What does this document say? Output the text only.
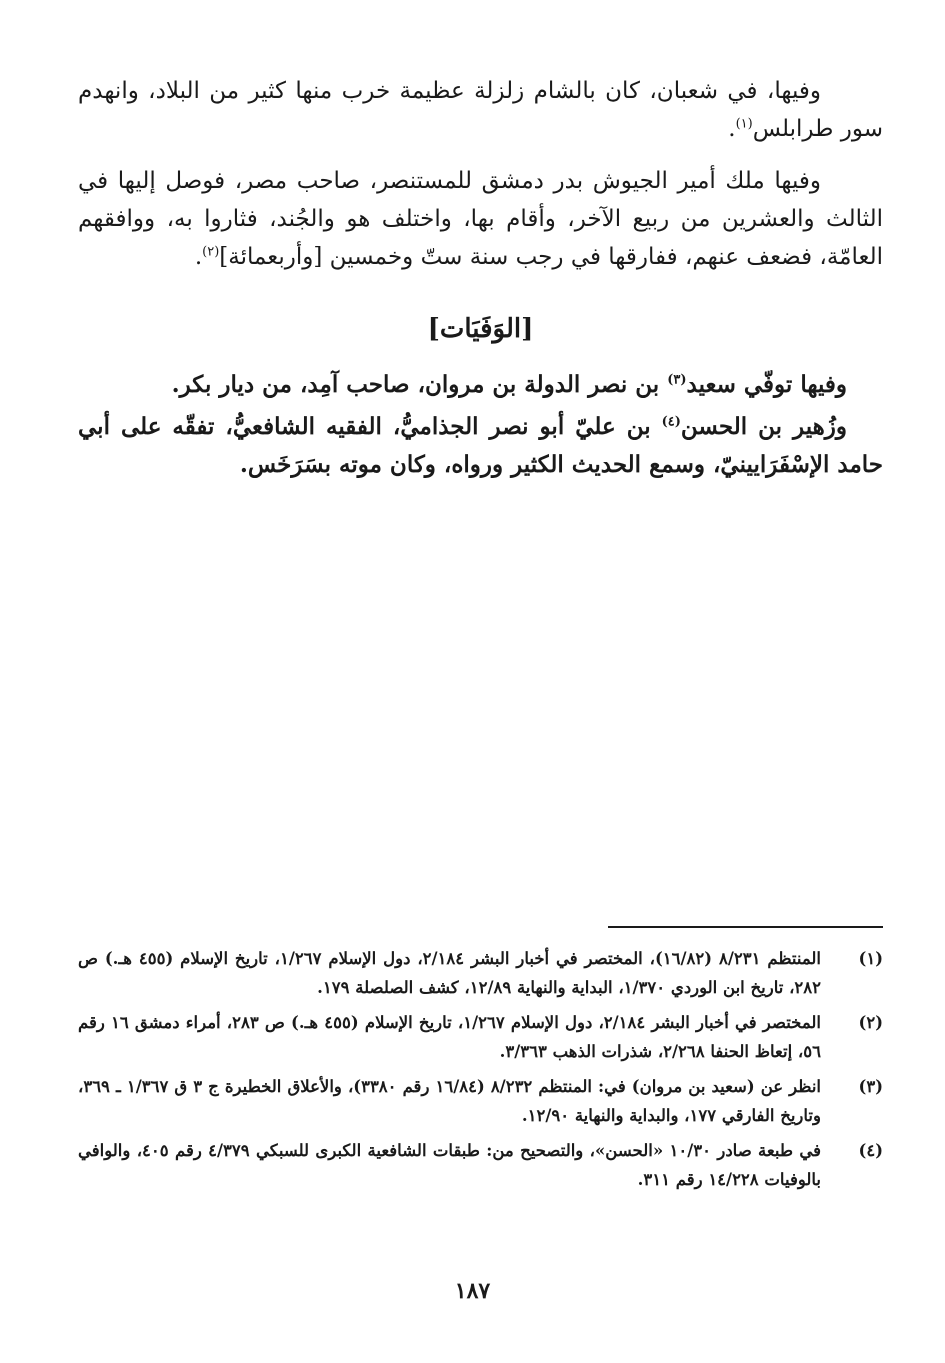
وفيها، في شعبان، كان بالشام زلزلة عظيمة خرب منها كثير من البلاد، وانهدم سور طرابلس$^{(١)}$.

وفيها ملك أمير الجيوش بدر دمشق للمستنصر، صاحب مصر، فوصل إليها في الثالث والعشرين من ربيع الآخر، وأقام بها، واختلف هو والجُند، فثاروا به، ووافقهم العامّة، فضعف عنهم، ففارقها في رجب سنة ستّ وخمسين [وأربعمائة]$^{(٢)}$.

[الوَفَيَات]

وفيها توفّي سعيد$^{(٣)}$ بن نصر الدولة بن مروان، صاحب آمِد، من ديار بكر.

وزُهير بن الحسن$^{(٤)}$ بن عليّ أبو نصر الجذاميُّ، الفقيه الشافعيُّ، تفقّه على أبي حامد الإسْفَرَايينيّ، وسمع الحديث الكثير ورواه، وكان موته بسَرَخَس.

(١)
المنتظم ٨/٢٣١ (١٦/٨٢)، المختصر في أخبار البشر ٢/١٨٤، دول الإسلام ١/٢٦٧، تاريخ الإسلام (٤٥٥ هـ.) ص ٢٨٢، تاريخ ابن الوردي ١/٣٧٠، البداية والنهاية ١٢/٨٩، كشف الصلصلة ١٧٩.
(٢)
المختصر في أخبار البشر ٢/١٨٤، دول الإسلام ١/٢٦٧، تاريخ الإسلام (٤٥٥ هـ.) ص ٢٨٣، أمراء دمشق ١٦ رقم ٥٦، إتعاظ الحنفا ٢/٢٦٨، شذرات الذهب ٣/٣٦٣.
(٣)
انظر عن (سعيد بن مروان) في: المنتظم ٨/٢٣٢ (١٦/٨٤ رقم ٣٣٨٠)، والأعلاق الخطيرة ج ٣ ق ١/٣٦٧ ـ ٣٦٩، وتاريخ الفارقي ١٧٧، والبداية والنهاية ١٢/٩٠.
(٤)
في طبعة صادر ١٠/٣٠ «الحسن»، والتصحيح من: طبقات الشافعية الكبرى للسبكي ٤/٣٧٩ رقم ٤٠٥، والوافي بالوفيات ١٤/٢٢٨ رقم ٣١١.
١٨٧
